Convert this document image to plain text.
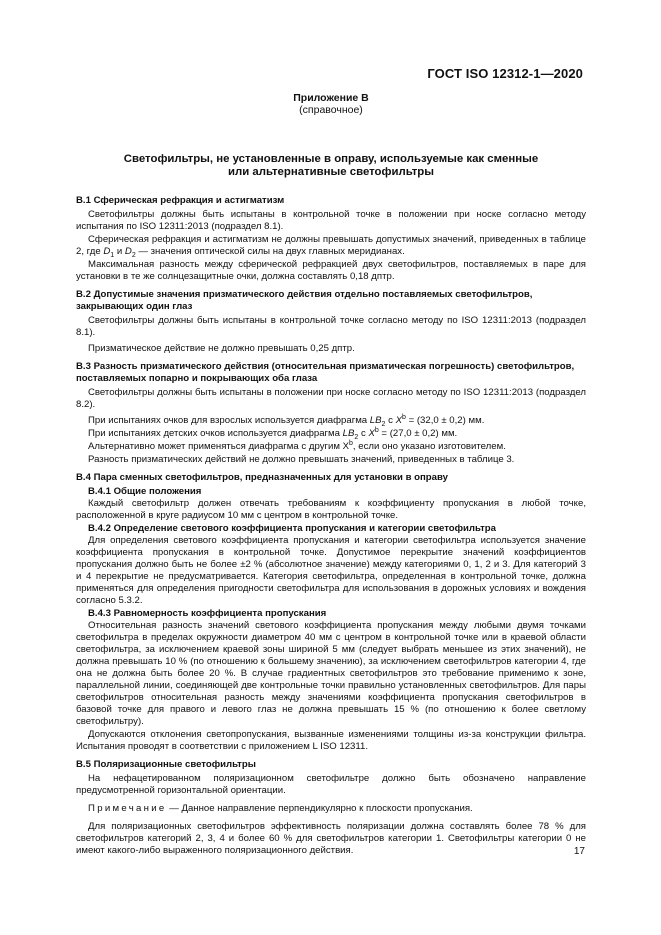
ГОСТ ISO 12312-1—2020
Приложение В
(справочное)
Светофильтры, не установленные в оправу, используемые как сменные
или альтернативные светофильтры
В.1 Сферическая рефракция и астигматизм

Светофильтры должны быть испытаны в контрольной точке в положении при носке согласно методу испытания по ISO 12311:2013 (подраздел 8.1).

Сферическая рефракция и астигматизм не должны превышать допустимых значений, приведенных в таблице 2, где $D_1$ и $D_2$ — значения оптической силы на двух главных меридианах.

Максимальная разность между сферической рефракцией двух светофильтров, поставляемых в паре для установки в те же солнцезащитные очки, должна составлять 0,18 дптр.

В.2 Допустимые значения призматического действия отдельно поставляемых светофильтров, закрывающих один глаз

Светофильтры должны быть испытаны в контрольной точке согласно методу по ISO 12311:2013 (подраздел 8.1).

Призматическое действие не должно превышать 0,25 дптр.

В.3 Разность призматического действия (относительная призматическая погрешность) светофильтров, поставляемых попарно и покрывающих оба глаза

Светофильтры должны быть испытаны в положении при носке согласно методу по ISO 12311:2013 (подраздел 8.2).

При испытаниях очков для взрослых используется диафрагма $LB_2$ с $X^b = (32,0 \pm 0,2)$ мм.

При испытаниях детских очков используется диафрагма $LB_2$ с $X^b = (27,0 \pm 0,2)$ мм.

Альтернативно может применяться диафрагма с другим $X^b$, если оно указано изготовителем.

Разность призматических действий не должно превышать значений, приведенных в таблице 3.

В.4 Пара сменных светофильтров, предназначенных для установки в оправу
В.4.1 Общие положения

Каждый светофильтр должен отвечать требованиям к коэффициенту пропускания в любой точке, расположенной в круге радиусом 10 мм с центром в контрольной точке.

В.4.2 Определение светового коэффициента пропускания и категории светофильтра

Для определения светового коэффициента пропускания и категории светофильтра используется значение коэффициента пропускания в контрольной точке. Допустимое перекрытие значений коэффициентов пропускания должно быть не более ±2 % (абсолютное значение) между категориями 0, 1, 2 и 3. Для категорий 3 и 4 перекрытие не предусматривается. Категория светофильтра, определенная в контрольной точке, должна применяться для определения пригодности светофильтра для использования в дорожных условиях и вождения согласно 5.3.2.

В.4.3 Равномерность коэффициента пропускания

Относительная разность значений светового коэффициента пропускания между любыми двумя точками светофильтра в пределах окружности диаметром 40 мм с центром в контрольной точке или в краевой области светофильтра, за исключением краевой зоны шириной 5 мм (следует выбрать меньшее из этих значений), не должна превышать 10 % (по отношению к большему значению), за исключением светофильтров категории 4, где она не должна быть более 20 %. В случае градиентных светофильтров это требование применимо к зоне, параллельной линии, соединяющей две контрольные точки правильно установленных светофильтров. Для пары светофильтров относительная разность между значениями коэффициента пропускания светофильтров в базовой точке для правого и левого глаз не должна превышать 15 % (по отношению к более светлому светофильтру).

Допускаются отклонения светопропускания, вызванные изменениями толщины из-за конструкции фильтра. Испытания проводят в соответствии с приложением L ISO 12311.

В.5 Поляризационные светофильтры

На нефацетированном поляризационном светофильтре должно быть обозначено направление предусмотренной горизонтальной ориентации.

Примечание — Данное направление перпендикулярно к плоскости пропускания.

Для поляризационных светофильтров эффективность поляризации должна составлять более 78 % для светофильтров категорий 2, 3, 4 и более 60 % для светофильтров категории 1. Светофильтры категории 0 не имеют какого-либо выраженного поляризационного действия.	17
